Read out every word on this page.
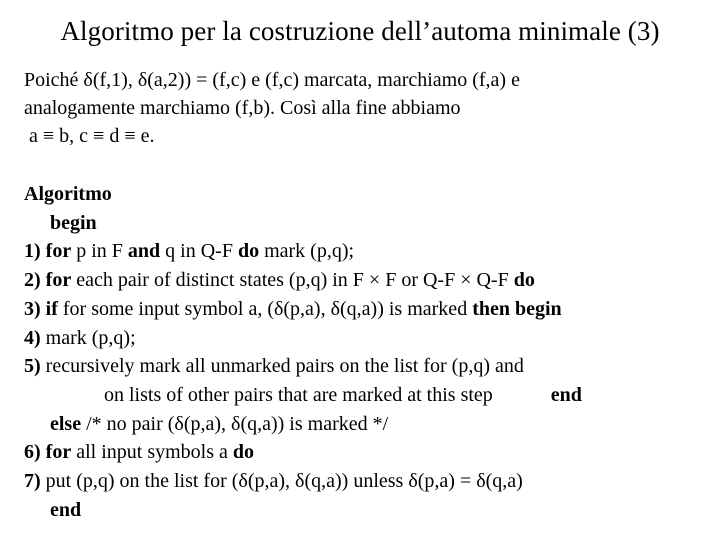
Algoritmo per la costruzione dell’automa minimale (3)
Poiché δ(f,1), δ(a,2)) = (f,c) e (f,c) marcata, marchiamo (f,a) e
analogamente marchiamo (f,b). Così alla fine abbiamo
a ≡ b, c ≡ d ≡ e.
Algoritmo
begin
1) for p in F and q in Q-F do mark (p,q);
2) for each pair of distinct states (p,q) in F × F or Q-F × Q-F do
3) if for some input symbol a, (δ(p,a), δ(q,a)) is marked then begin
4) mark (p,q);
5) recursively mark all unmarked pairs on the list for (p,q) and
on lists of other pairs that are marked at this step	end
else /* no pair (δ(p,a), δ(q,a)) is marked */
6) for all input symbols a do
7) put (p,q) on the list for (δ(p,a), δ(q,a)) unless δ(p,a) = δ(q,a)
end
